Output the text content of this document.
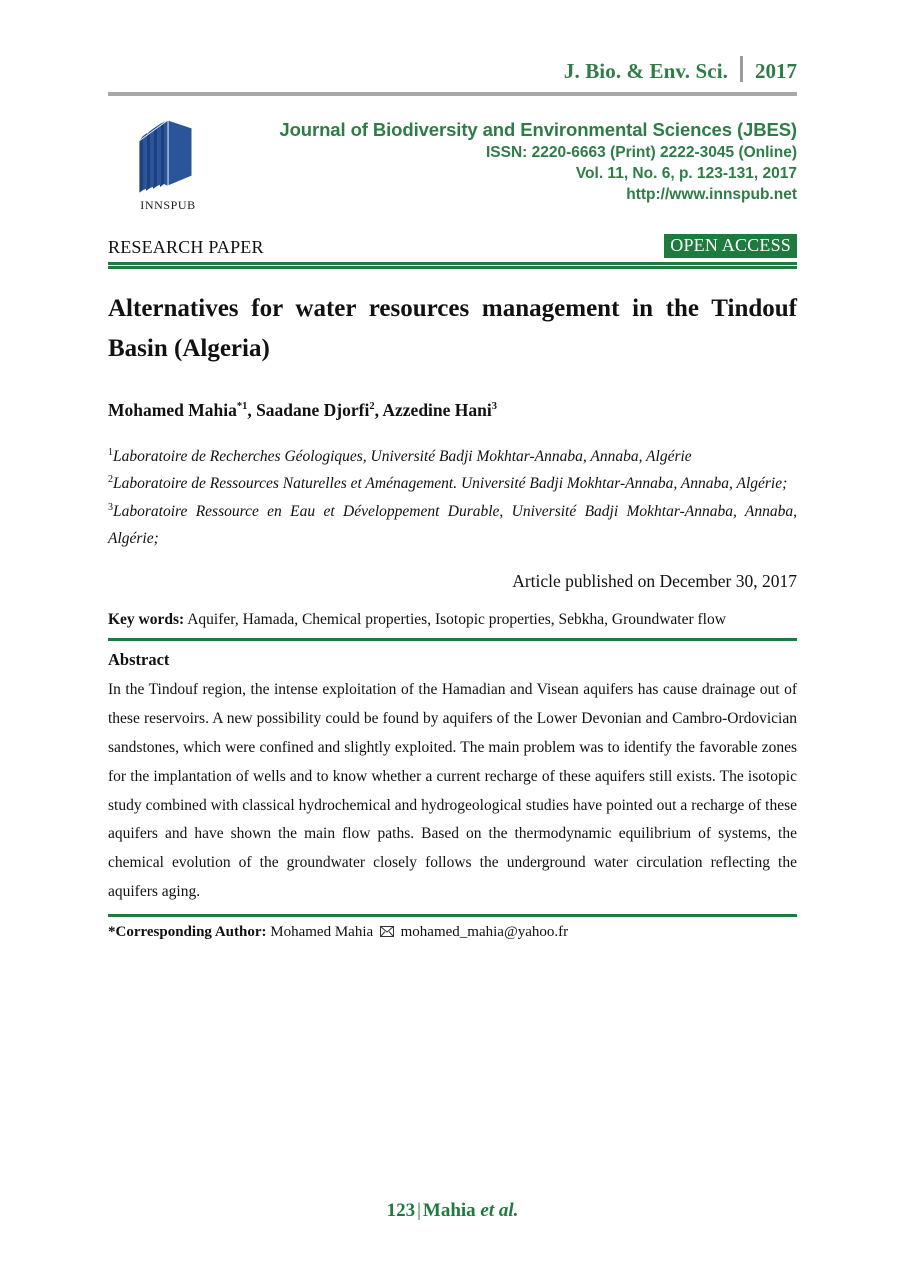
J. Bio. & Env. Sci.	2017
INNSPUB
Journal of Biodiversity and Environmental Sciences (JBES)
ISSN: 2220-6663 (Print) 2222-3045 (Online)
Vol. 11, No. 6, p. 123-131, 2017
http://www.innspub.net
RESEARCH PAPER	OPEN ACCESS
Alternatives for water resources management in the Tindouf Basin (Algeria)
Mohamed Mahia$^{*1}$, Saadane Djorfi$^2$, Azzedine Hani$^3$
$^1$Laboratoire de Recherches Géologiques, Université Badji Mokhtar-Annaba, Annaba, Algérie
$^2$Laboratoire de Ressources Naturelles et Aménagement. Université Badji Mokhtar-Annaba, Annaba, Algérie;
$^3$Laboratoire Ressource en Eau et Développement Durable, Université Badji Mokhtar-Annaba, Annaba, Algérie;
Article published on December 30, 2017
Key words: Aquifer, Hamada, Chemical properties, Isotopic properties, Sebkha, Groundwater flow
Abstract
In the Tindouf region, the intense exploitation of the Hamadian and Visean aquifers has cause drainage out of these reservoirs. A new possibility could be found by aquifers of the Lower Devonian and Cambro-Ordovician sandstones, which were confined and slightly exploited. The main problem was to identify the favorable zones for the implantation of wells and to know whether a current recharge of these aquifers still exists. The isotopic study combined with classical hydrochemical and hydrogeological studies have pointed out a recharge of these aquifers and have shown the main flow paths. Based on the thermodynamic equilibrium of systems, the chemical evolution of the groundwater closely follows the underground water circulation reflecting the aquifers aging.
*Corresponding Author: Mohamed Mahia mohamed_mahia@yahoo.fr
123 | Mahia et al.
